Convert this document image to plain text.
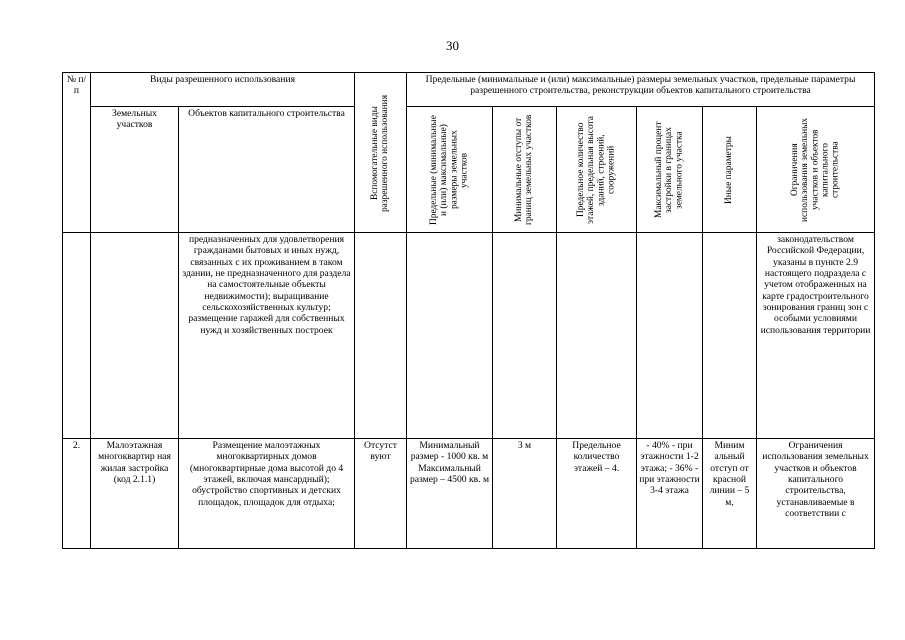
30
№ п/п	Виды разрешенного использования		Вспомогательные виды разрешенного использования	Предельные (минимальные и (или) максимальные) размеры земельных участков, предельные параметры разрешенного строительства, реконструкции объектов капитального строительства					
	Земельных участков	Объектов капитального строительства		Предельные (минимальные и (или) максимальные) размеры земельных участков	Минимальные отступы от границ земельных участков	Предельное количество этажей, предельная высота зданий, строений, сооружений	Максимальный процент застройки в границах земельного участка	Иные параметры	Ограничения использования земельных участков и объектов капитального строительства

		предназначенных для удовлетворения гражданами бытовых и иных нужд, связанных с их проживанием в таком здании, не предназначенного для раздела на самостоятельные объекты недвижимости); выращивание сельскохозяйственных культур; размещение гаражей для собственных нужд и хозяйственных построек							законодательством Российской Федерации, указаны в пункте 2.9 настоящего подраздела с учетом отображенных на карте градостроительного зонирования границ зон с особыми условиями использования территории
2.	Малоэтажная многоквартир ная жилая застройка (код 2.1.1)	Размещение малоэтажных многоквартирных домов (многоквартирные дома высотой до 4 этажей, включая мансардный); обустройство спортивных и детских площадок, площадок для отдыха;	Отсутст вуют	Минимальный размер - 1000 кв. м Максимальный размер – 4500 кв. м	3 м	Предельное количество этажей – 4.	- 40% - при этажности 1-2 этажа; - 36% - при этажности 3-4 этажа	Миним альный отступ от красной линии – 5 м,	Ограничения использования земельных участков и объектов капитального строительства, устанавливаемые в соответствии с
